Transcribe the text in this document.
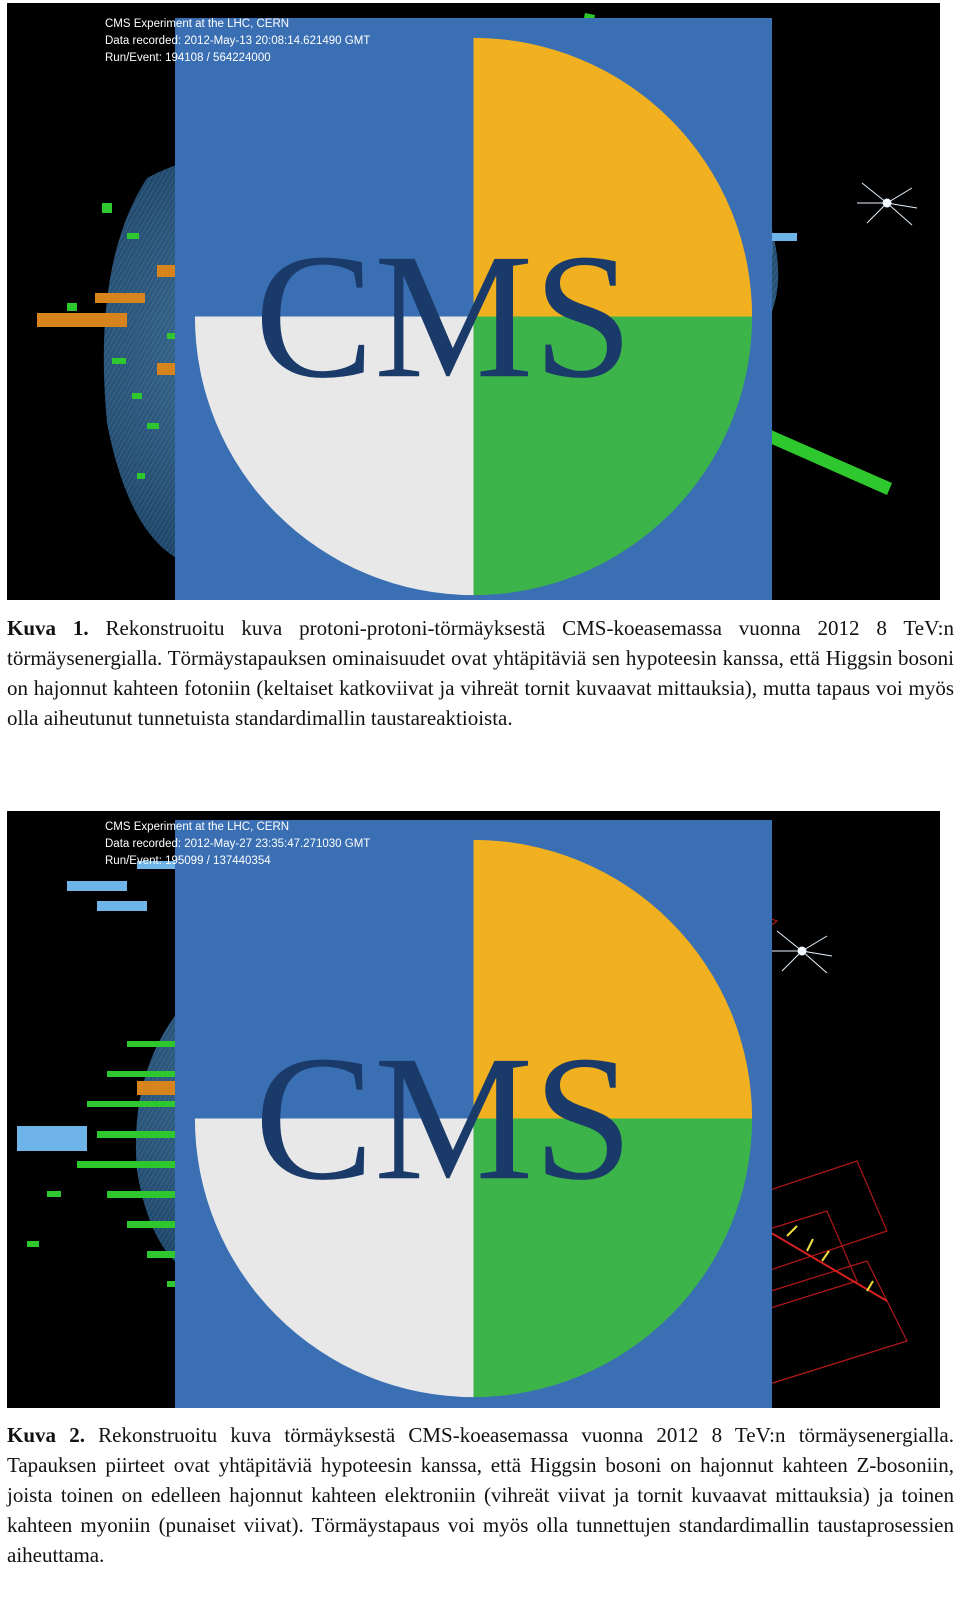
CMS
CMS Experiment at the LHC, CERN
Data recorded: 2012-May-13 20:08:14.621490 GMT
Run/Event: 194108 / 564224000
Kuva 1. Rekonstruoitu kuva protoni-protoni-törmäyksestä CMS-koeasemassa vuonna 2012 8 TeV:n törmäysenergialla. Törmäystapauksen ominaisuudet ovat yhtäpitäviä sen hypoteesin kanssa, että Higgsin bosoni on hajonnut kahteen fotoniin (keltaiset katkoviivat ja vihreät tornit kuvaavat mittauksia), mutta tapaus voi myös olla aiheutunut tunnetuista standardimallin taustareaktioista.
CMS
CMS Experiment at the LHC, CERN
Data recorded: 2012-May-27 23:35:47.271030 GMT
Run/Event: 195099 / 137440354
Kuva 2. Rekonstruoitu kuva törmäyksestä CMS-koeasemassa vuonna 2012 8 TeV:n törmäysenergialla. Tapauksen piirteet ovat yhtäpitäviä hypoteesin kanssa, että Higgsin bosoni on hajonnut kahteen Z-bosoniin, joista toinen on edelleen hajonnut kahteen elektroniin (vihreät viivat ja tornit kuvaavat mittauksia) ja toinen kahteen myoniin (punaiset viivat). Törmäystapaus voi myös olla tunnettujen standardimallin taustaprosessien aiheuttama.
